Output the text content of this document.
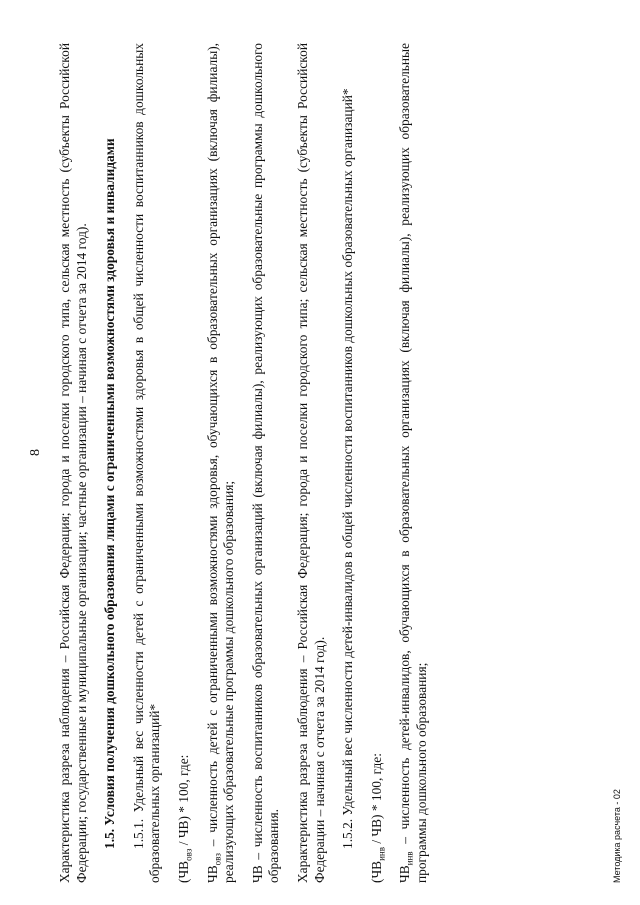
8 Характеристика разреза наблюдения – Российская Федерация; города и поселки городского типа, сельская местность (субъекты Российской Федерации; государственные и муниципальные организации; частные организации – начиная с отчета за 2014 год). 1.5. Условия получения дошкольного образования лицами с ограниченными возможностями здоровья и инвалидами 1.5.1. Удельный вес численности детей с ограниченными возможностями здоровья в общей численности воспитанников дошкольных образовательных организаций* $(ЧВ_{овз} / ЧВ) * 100$, где:

$ЧВ_{овз}$ – численность детей с ограниченными возможностями здоровья, обучающихся в образовательных организациях (включая филиалы), реализующих образовательные программы дошкольного образования; ЧВ – численность воспитанников образовательных организаций (включая филиалы), реализующих образовательные программы дошкольного образования. Характеристика разреза наблюдения – Российская Федерация; города и поселки городского типа; сельская местность (субъекты Российской Федерации – начиная с отчета за 2014 год). 1.5.2. Удельный вес численности детей-инвалидов в общей численности воспитанников дошкольных образовательных организаций*

$(ЧВ_{инв} / ЧВ) * 100$, где:

$ЧВ_{инв}$ – численность детей-инвалидов, обучающихся в образовательных организациях (включая филиалы), реализующих образовательные программы дошкольного образования;	Методика расчета - 02
